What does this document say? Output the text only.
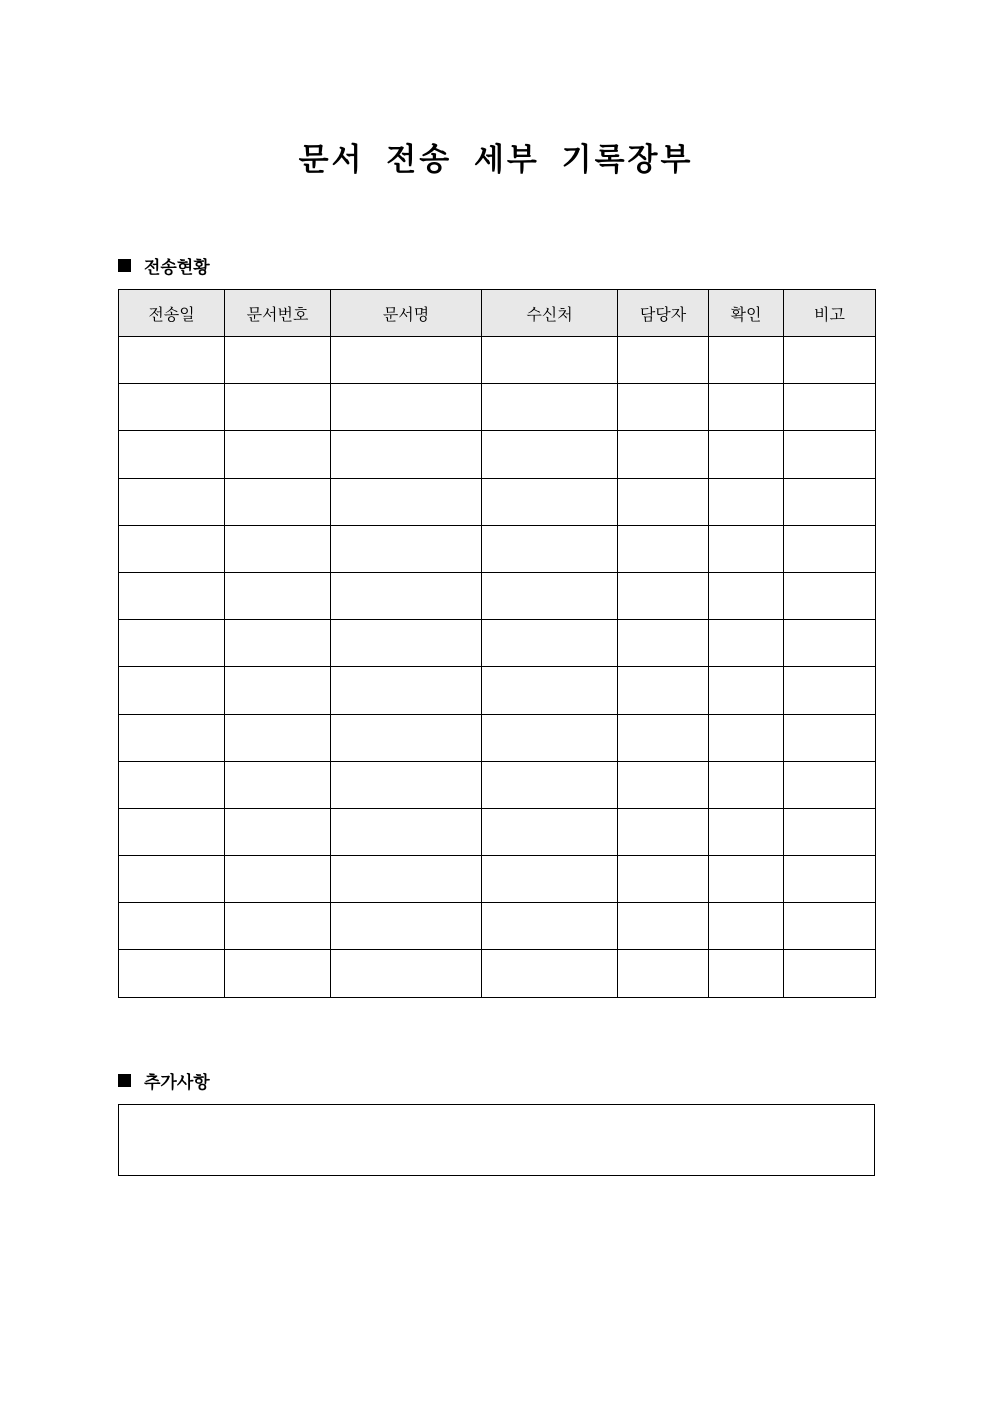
문서 전송 세부 기록장부
전송현황
전송일	문서번호	문서명	수신처	담당자	확인	비고

추가사항
